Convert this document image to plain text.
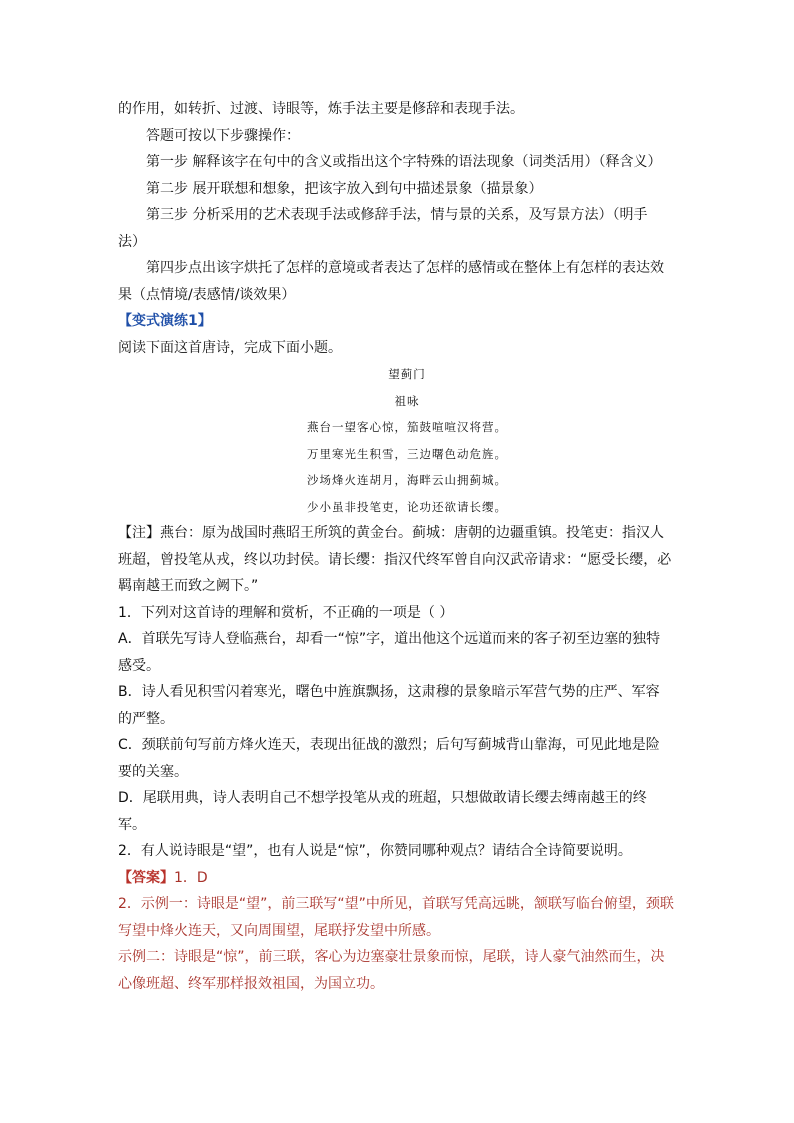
的作用，如转折、过渡、诗眼等，炼手法主要是修辞和表现手法。
答题可按以下步骤操作：
第一步 解释该字在句中的含义或指出这个字特殊的语法现象（词类活用）（释含义）
第二步 展开联想和想象，把该字放入到句中描述景象（描景象）
第三步 分析采用的艺术表现手法或修辞手法，情与景的关系，及写景方法）（明手
法）
第四步点出该字烘托了怎样的意境或者表达了怎样的感情或在整体上有怎样的表达效
果（点情境/表感情/谈效果）
【变式演练1】
阅读下面这首唐诗，完成下面小题。
望蓟门
祖咏
燕台一望客心惊，笳鼓喧喧汉将营。
万里寒光生积雪，三边曙色动危旌。
沙场烽火连胡月，海畔云山拥蓟城。
少小虽非投笔吏，论功还欲请长缨。
【注】燕台：原为战国时燕昭王所筑的黄金台。蓟城：唐朝的边疆重镇。投笔吏：指汉人
班超，曾投笔从戎，终以功封侯。请长缨：指汉代终军曾自向汉武帝请求：“愿受长缨，必
羁南越王而致之阙下。”
1．下列对这首诗的理解和赏析，不正确的一项是（ ）
A．首联先写诗人登临燕台，却看一“惊”字，道出他这个远道而来的客子初至边塞的独特
感受。
B．诗人看见积雪闪着寒光，曙色中旌旗飘扬，这肃穆的景象暗示军营气势的庄严、军容
的严整。
C．颈联前句写前方烽火连天，表现出征战的激烈；后句写蓟城背山靠海，可见此地是险
要的关塞。
D．尾联用典，诗人表明自己不想学投笔从戎的班超，只想做敢请长缨去缚南越王的终
军。
2．有人说诗眼是“望”，也有人说是“惊”，你赞同哪种观点？请结合全诗简要说明。
【答案】1．D
2．示例一：诗眼是“望”，前三联写“望”中所见，首联写凭高远眺，颔联写临台俯望，颈联
写望中烽火连天，又向周围望，尾联抒发望中所感。
示例二：诗眼是“惊”，前三联，客心为边塞豪壮景象而惊，尾联，诗人豪气油然而生，决
心像班超、终军那样报效祖国，为国立功。
